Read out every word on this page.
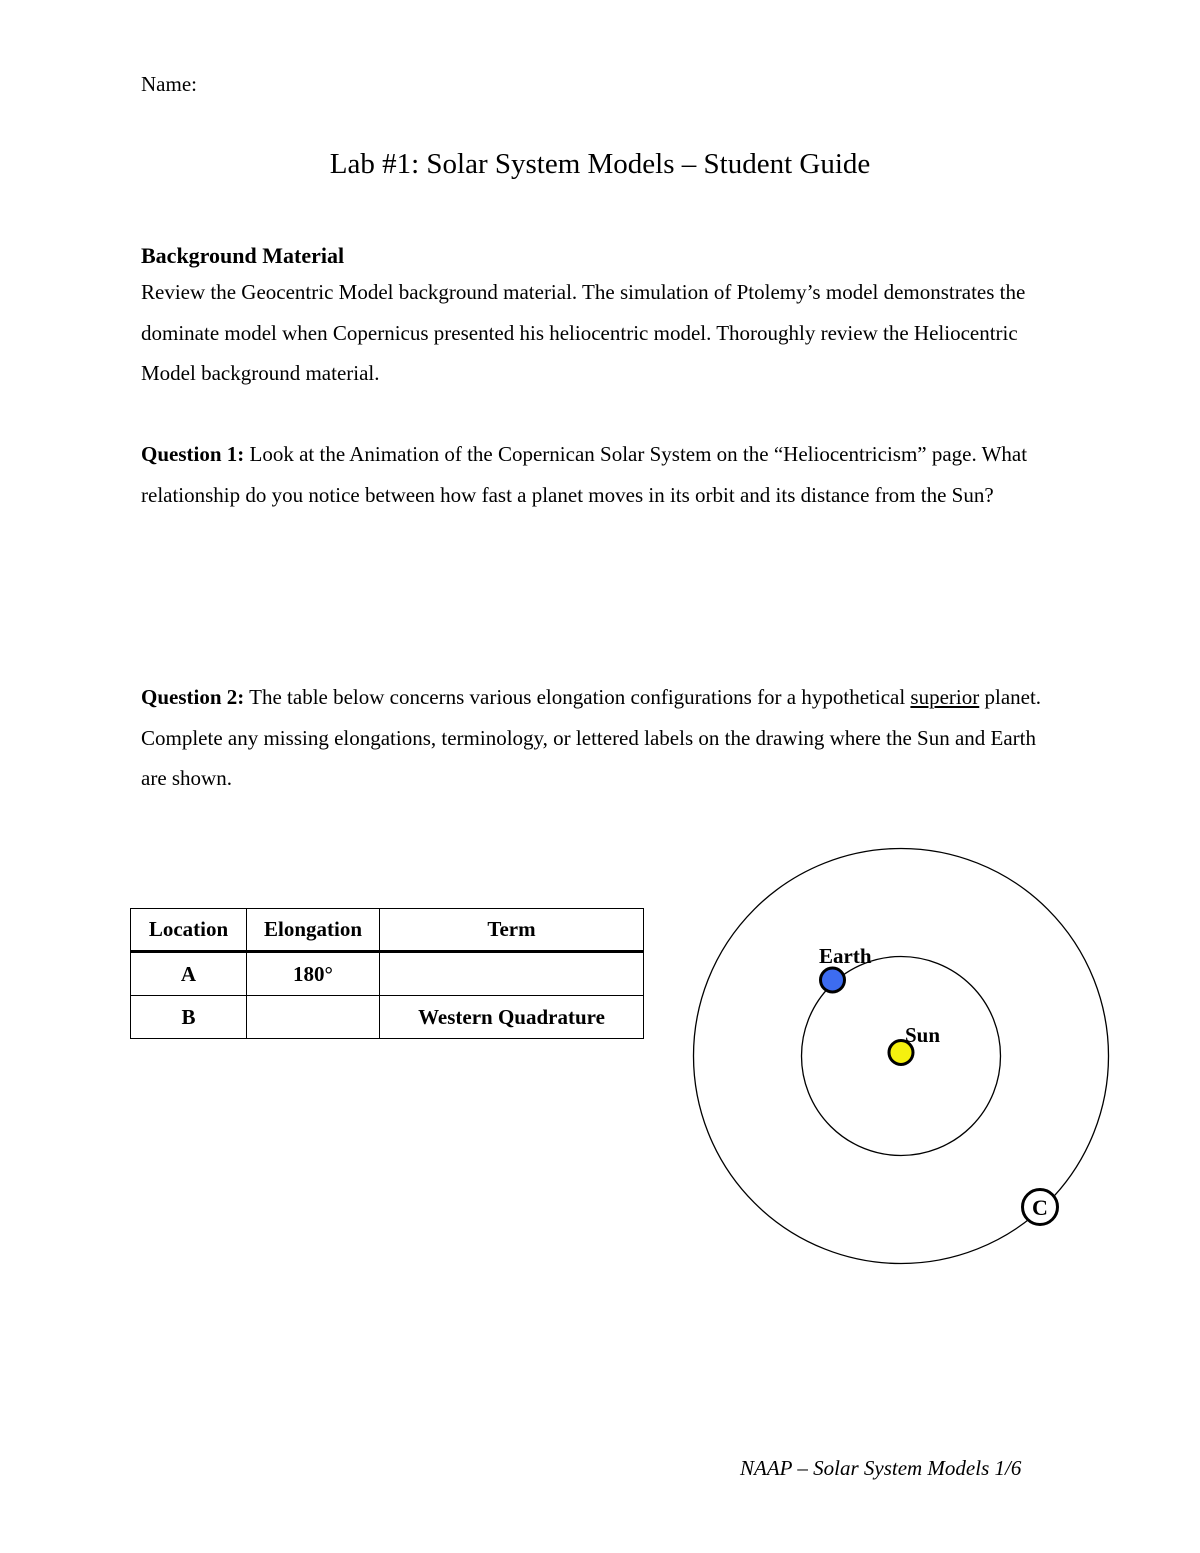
Name:
Lab #1: Solar System Models – Student Guide
Background Material
Review the Geocentric Model background material. The simulation of Ptolemy’s model demonstrates the dominate model when Copernicus presented his heliocentric model. Thoroughly review the Heliocentric Model background material.
Question 1: Look at the Animation of the Copernican Solar System on the “Heliocentricism” page. What relationship do you notice between how fast a planet moves in its orbit and its distance from the Sun?
Question 2: The table below concerns various elongation configurations for a hypothetical superior planet. Complete any missing elongations, terminology, or lettered labels on the drawing where the Sun and Earth are shown.
Location	Elongation	Term
A	180°	
B		Western Quadrature
Earth
Sun
C
NAAP – Solar System Models 1/6
